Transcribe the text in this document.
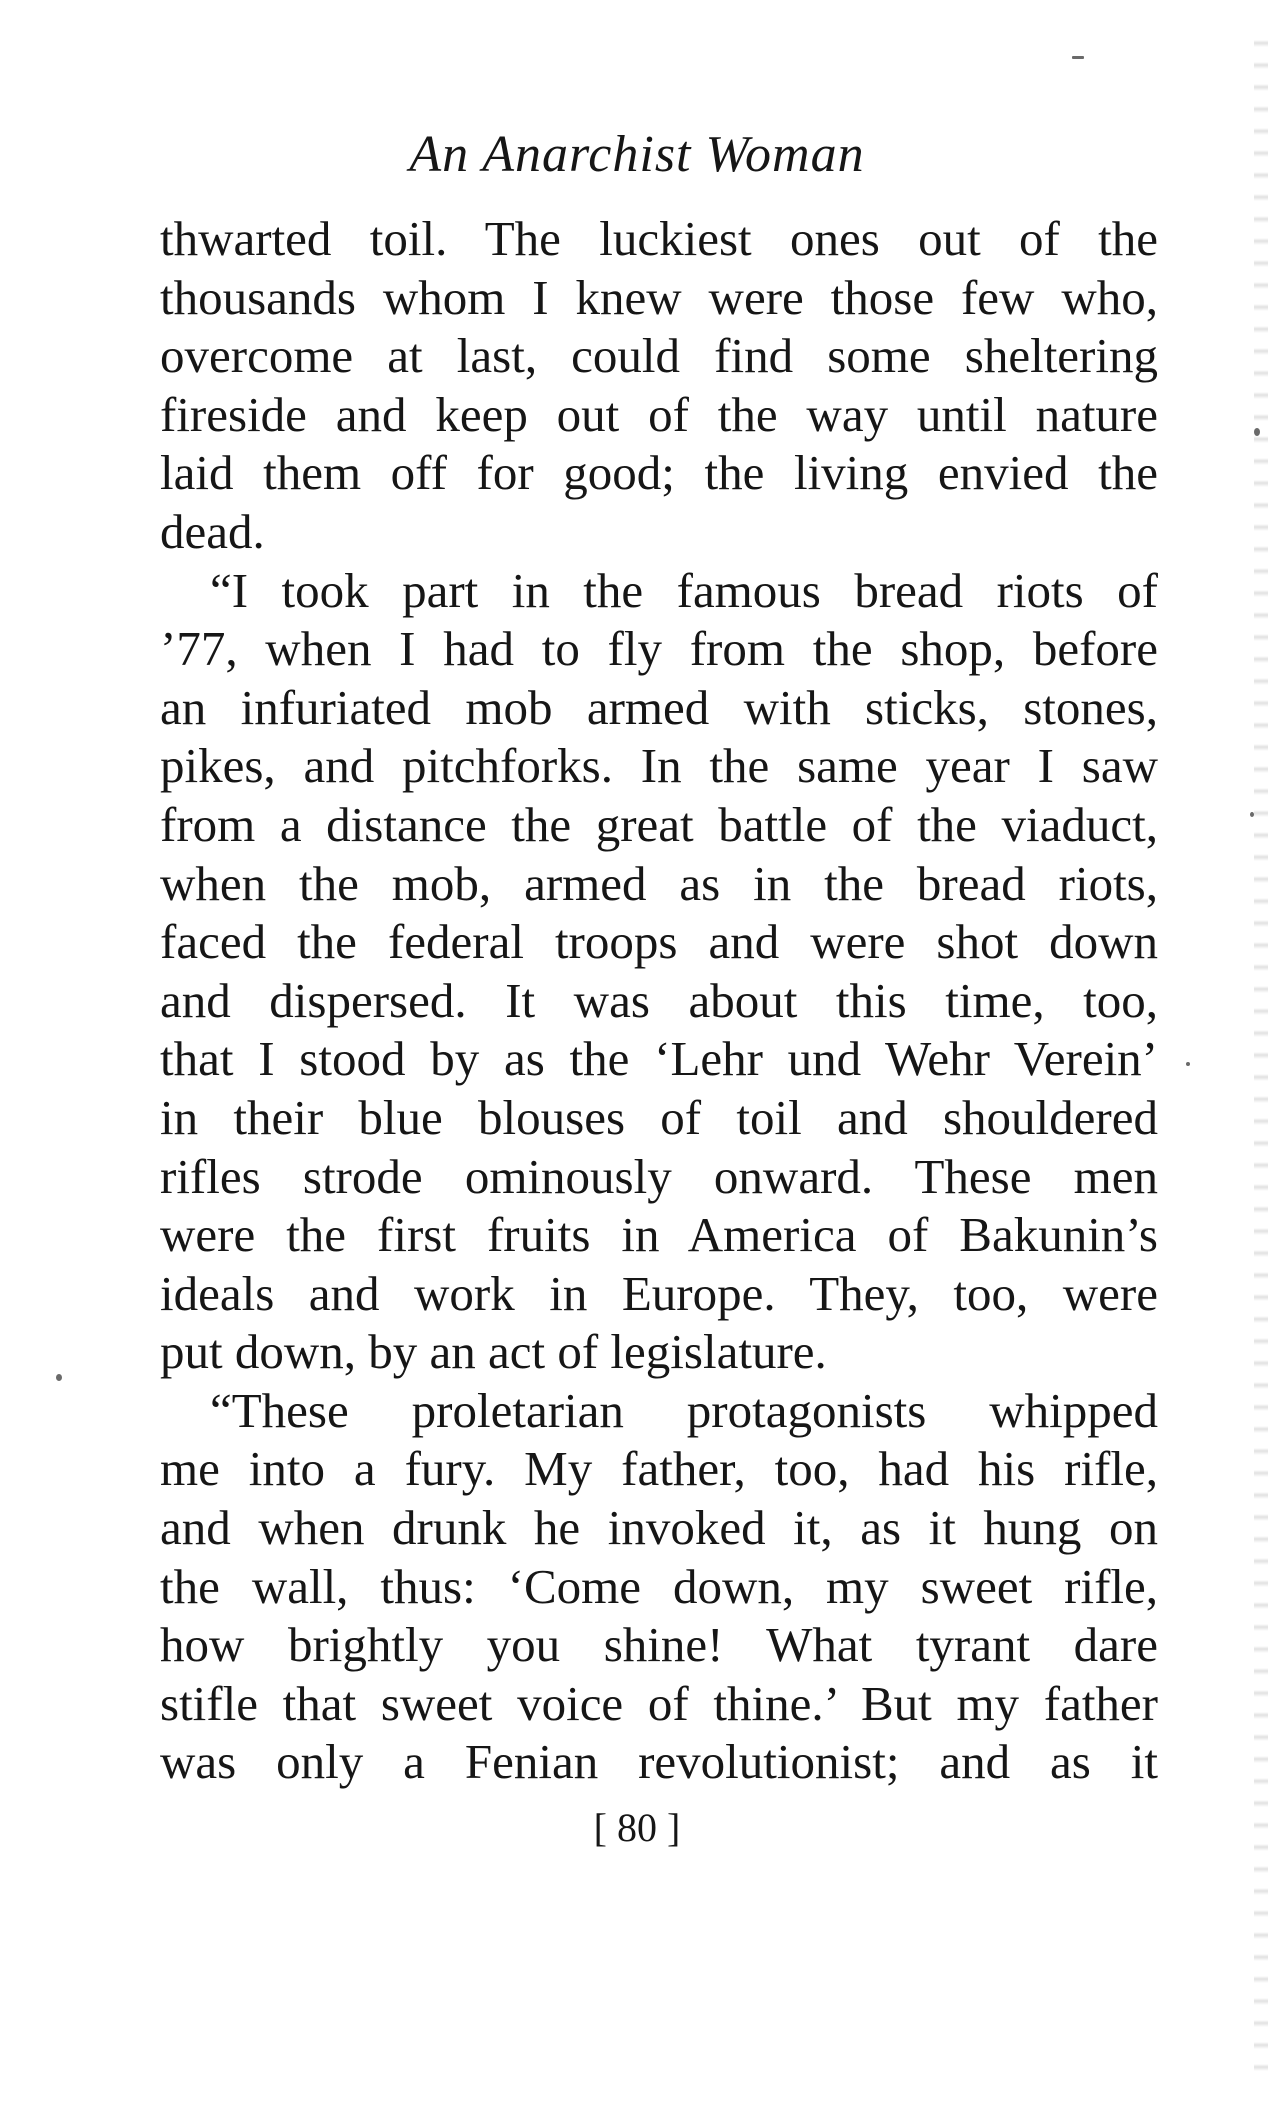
An Anarchist Woman
thwarted toil. The luckiest ones out of the
thousands whom I knew were those few who,
overcome at last, could find some sheltering
fireside and keep out of the way until nature
laid them off for good; the living envied the
dead.
“I took part in the famous bread riots of
’77, when I had to fly from the shop, before
an infuriated mob armed with sticks, stones,
pikes, and pitchforks. In the same year I saw
from a distance the great battle of the viaduct,
when the mob, armed as in the bread riots,
faced the federal troops and were shot down
and dispersed. It was about this time, too,
that I stood by as the ‘Lehr und Wehr Verein’
in their blue blouses of toil and shouldered
rifles strode ominously onward. These men
were the first fruits in America of Bakunin’s
ideals and work in Europe. They, too, were
put down, by an act of legislature.
“These proletarian protagonists whipped
me into a fury. My father, too, had his rifle,
and when drunk he invoked it, as it hung on
the wall, thus: ‘Come down, my sweet rifle,
how brightly you shine! What tyrant dare
stifle that sweet voice of thine.’ But my father
was only a Fenian revolutionist; and as it
[ 80 ]
